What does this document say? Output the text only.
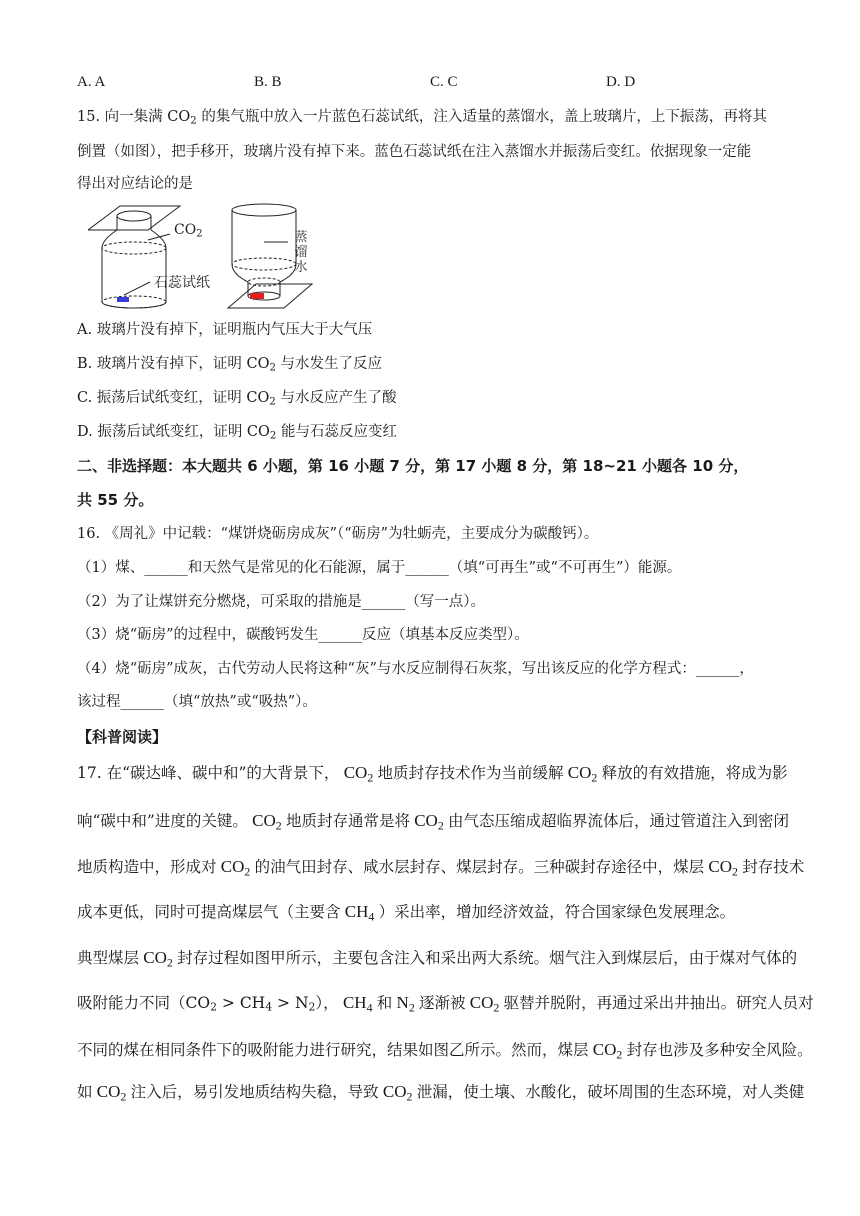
A. A	B. B	C. C	D. D
15. 向一集满 $CO_2$ 的集气瓶中放入一片蓝色石蕊试纸，注入适量的蒸馏水，盖上玻璃片，上下振荡，再将其
倒置（如图），把手移开，玻璃片没有掉下来。蓝色石蕊试纸在注入蒸馏水并振荡后变红。依据现象一定能
得出对应结论的是
$CO_2$
石蕊试纸
蒸
馏
水
A. 玻璃片没有掉下，证明瓶内气压大于大气压
B. 玻璃片没有掉下，证明 $CO_2$ 与水发生了反应
C. 振荡后试纸变红，证明 $CO_2$ 与水反应产生了酸
D. 振荡后试纸变红，证明 $CO_2$ 能与石蕊反应变红
二、非选择题：本大题共 6 小题，第 16 小题 7 分，第 17 小题 8 分，第 18~21 小题各 10 分，
共 55 分。
16. 《周礼》中记载：“煤饼烧砺房成灰”（“砺房”为牡蛎壳，主要成分为碳酸钙）。
（1）煤、______和天然气是常见的化石能源，属于______（填“可再生”或“不可再生”）能源。
（2）为了让煤饼充分燃烧，可采取的措施是______（写一点）。
（3）烧“砺房”的过程中，碳酸钙发生______反应（填基本反应类型）。
（4）烧“砺房”成灰，古代劳动人民将这种“灰”与水反应制得石灰浆，写出该反应的化学方程式：______，
该过程______（填“放热”或“吸热”）。
【科普阅读】
17. 在“碳达峰、碳中和”的大背景下， $CO_2$ 地质封存技术作为当前缓解 $CO_2$ 释放的有效措施，将成为影
响“碳中和”进度的关键。 $CO_2$ 地质封存通常是将 $CO_2$ 由气态压缩成超临界流体后，通过管道注入到密闭
地质构造中，形成对 $CO_2$ 的油气田封存、咸水层封存、煤层封存。三种碳封存途径中，煤层 $CO_2$ 封存技术
成本更低，同时可提高煤层气（主要含 $CH_4$ ）采出率，增加经济效益，符合国家绿色发展理念。
典型煤层 $CO_2$ 封存过程如图甲所示，主要包含注入和采出两大系统。烟气注入到煤层后，由于煤对气体的
吸附能力不同$(CO_2 > CH_4 > N_2)$， $CH_4$ 和 $N_2$ 逐渐被 $CO_2$ 驱替并脱附，再通过采出井抽出。研究人员对
不同的煤在相同条件下的吸附能力进行研究，结果如图乙所示。然而，煤层 $CO_2$ 封存也涉及多种安全风险。
如 $CO_2$ 注入后，易引发地质结构失稳，导致 $CO_2$ 泄漏，使土壤、水酸化，破坏周围的生态环境，对人类健
